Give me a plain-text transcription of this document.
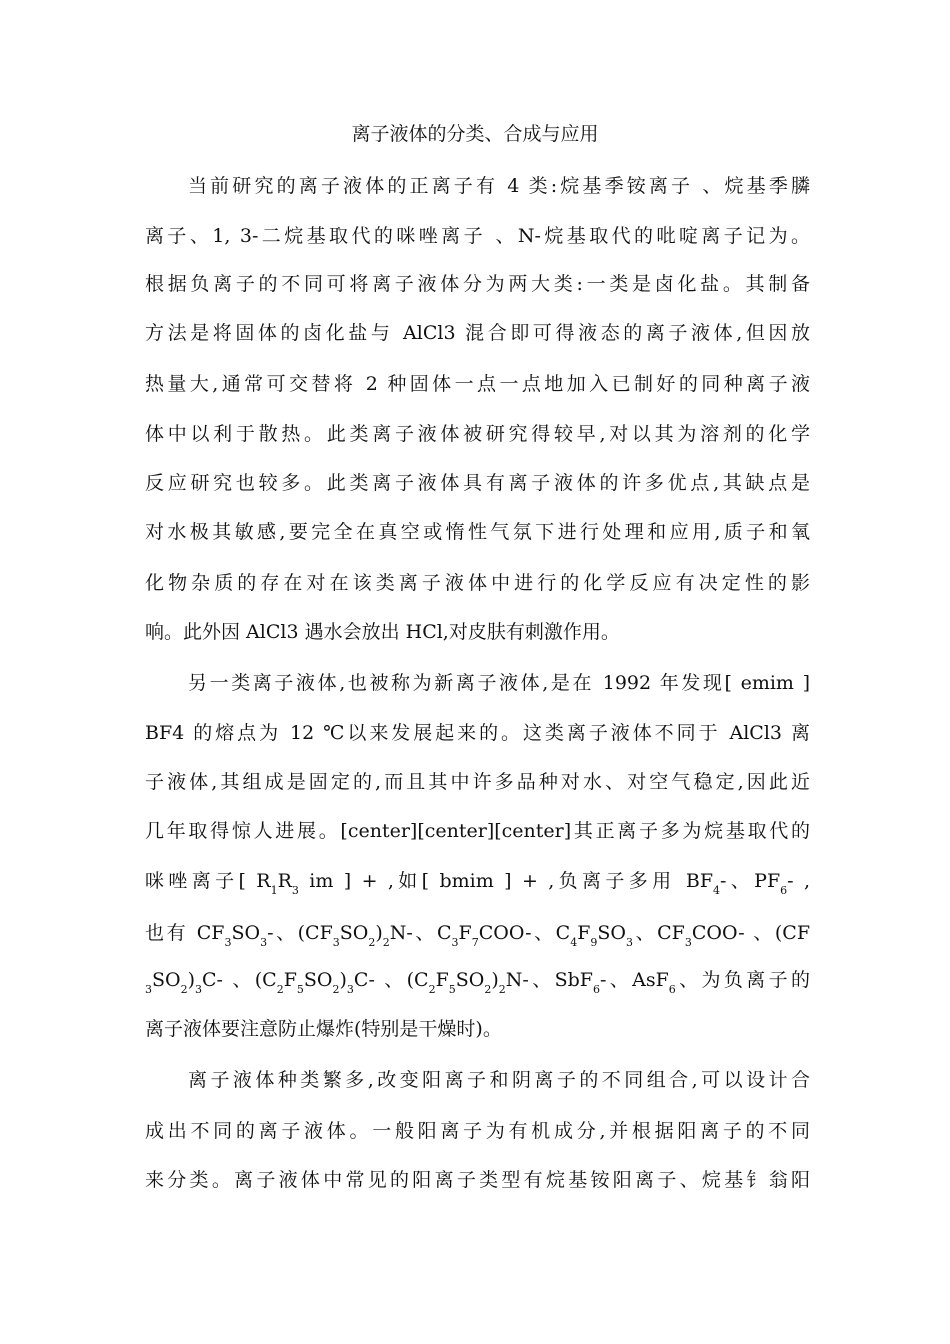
离子液体的分类、合成与应用
当前研究的离子液体的正离子有 4 类:烷基季铵离子 、烷基季膦
离子、1, 3-二烷基取代的咪唑离子 、N-烷基取代的吡啶离子记为。
根据负离子的不同可将离子液体分为两大类:一类是卤化盐。其制备
方法是将固体的卤化盐与 AlCl3 混合即可得液态的离子液体,但因放
热量大,通常可交替将 2 种固体一点一点地加入已制好的同种离子液
体中以利于散热。此类离子液体被研究得较早,对以其为溶剂的化学
反应研究也较多。此类离子液体具有离子液体的许多优点,其缺点是
对水极其敏感,要完全在真空或惰性气氛下进行处理和应用,质子和氧
化物杂质的存在对在该类离子液体中进行的化学反应有决定性的影
响。此外因 AlCl3 遇水会放出 HCl,对皮肤有刺激作用。
另一类离子液体,也被称为新离子液体,是在 1992 年发现[ emim ]
BF4 的熔点为 12 ℃以来发展起来的。这类离子液体不同于 AlCl3 离
子液体,其组成是固定的,而且其中许多品种对水、对空气稳定,因此近
几年取得惊人进展。[center][center][center]其正离子多为烷基取代的
咪唑离子[ $R_1R_3$ im ] + ,如[ bmim ] + ,负离子多用 $BF_4-$、$PF_6-$ ,
也有 $CF_3SO_3-$、$(CF_3SO_2)_2N-$、$C_3F_7COO-$、$C_4F_9SO_3$、$CF_3COO-$ 、(CF
$_3SO_2)_3C-$ 、$(C_2F_5SO_2)_3C-$ 、$(C_2F_5SO_2)_2N-$、SbF$_6$-、AsF$_6$、为负离子的
离子液体要注意防止爆炸(特别是干燥时)。
离子液体种类繁多,改变阳离子和阴离子的不同组合,可以设计合
成出不同的离子液体。一般阳离子为有机成分,并根据阳离子的不同
来分类。离子液体中常见的阳离子类型有烷基铵阳离子、烷基钅翁阳
